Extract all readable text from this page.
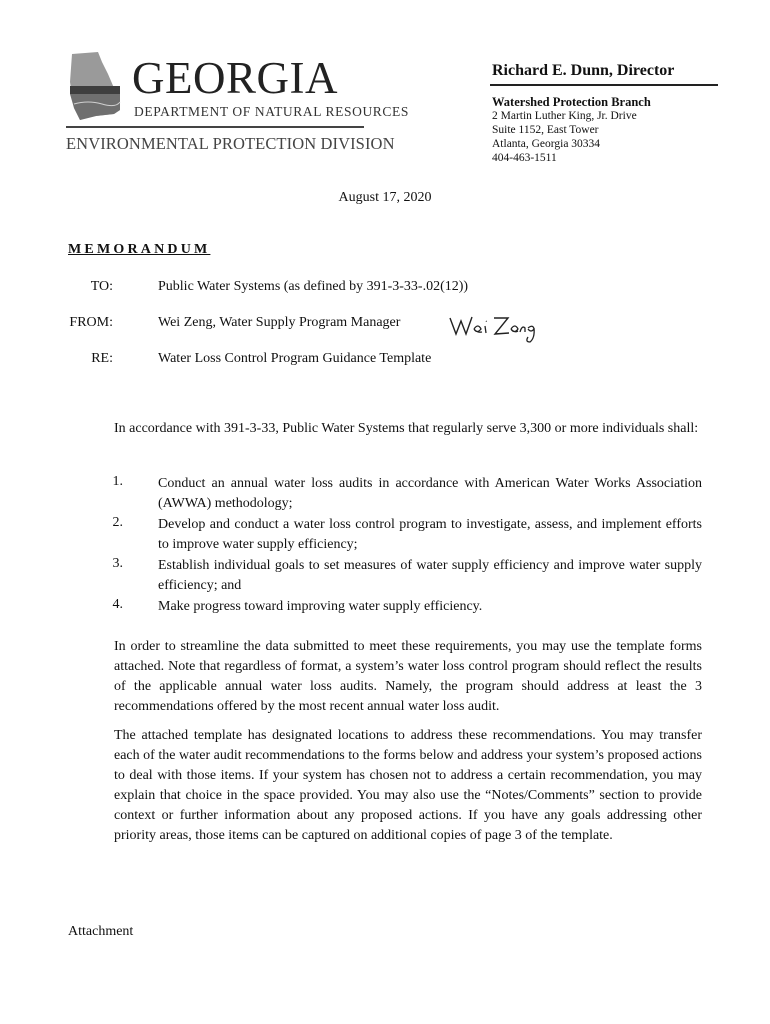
GEORGIA
DEPARTMENT OF NATURAL RESOURCES
ENVIRONMENTAL PROTECTION DIVISION
Richard E. Dunn, Director
Watershed Protection Branch
2 Martin Luther King, Jr. Drive
Suite 1152, East Tower
Atlanta, Georgia 30334
404-463-1511
August 17, 2020
MEMORANDUM
TO:	Public Water Systems (as defined by 391-3-33-.02(12))
FROM:	Wei Zeng, Water Supply Program Manager
RE:	Water Loss Control Program Guidance Template
In accordance with 391-3-33, Public Water Systems that regularly serve 3,300 or more individuals shall:
1.	Conduct an annual water loss audits in accordance with American Water Works Association (AWWA) methodology;
2.	Develop and conduct a water loss control program to investigate, assess, and implement efforts to improve water supply efficiency;
3.	Establish individual goals to set measures of water supply efficiency and improve water supply efficiency; and
4.	Make progress toward improving water supply efficiency.
In order to streamline the data submitted to meet these requirements, you may use the template forms attached. Note that regardless of format, a system’s water loss control program should reflect the results of the applicable annual water loss audits. Namely, the program should address at least the 3 recommendations offered by the most recent annual water loss audit.
The attached template has designated locations to address these recommendations. You may transfer each of the water audit recommendations to the forms below and address your system’s proposed actions to deal with those items. If your system has chosen not to address a certain recommendation, you may explain that choice in the space provided. You may also use the “Notes/Comments” section to provide context or further information about any proposed actions. If you have any goals addressing other priority areas, those items can be captured on additional copies of page 3 of the template.
Attachment
